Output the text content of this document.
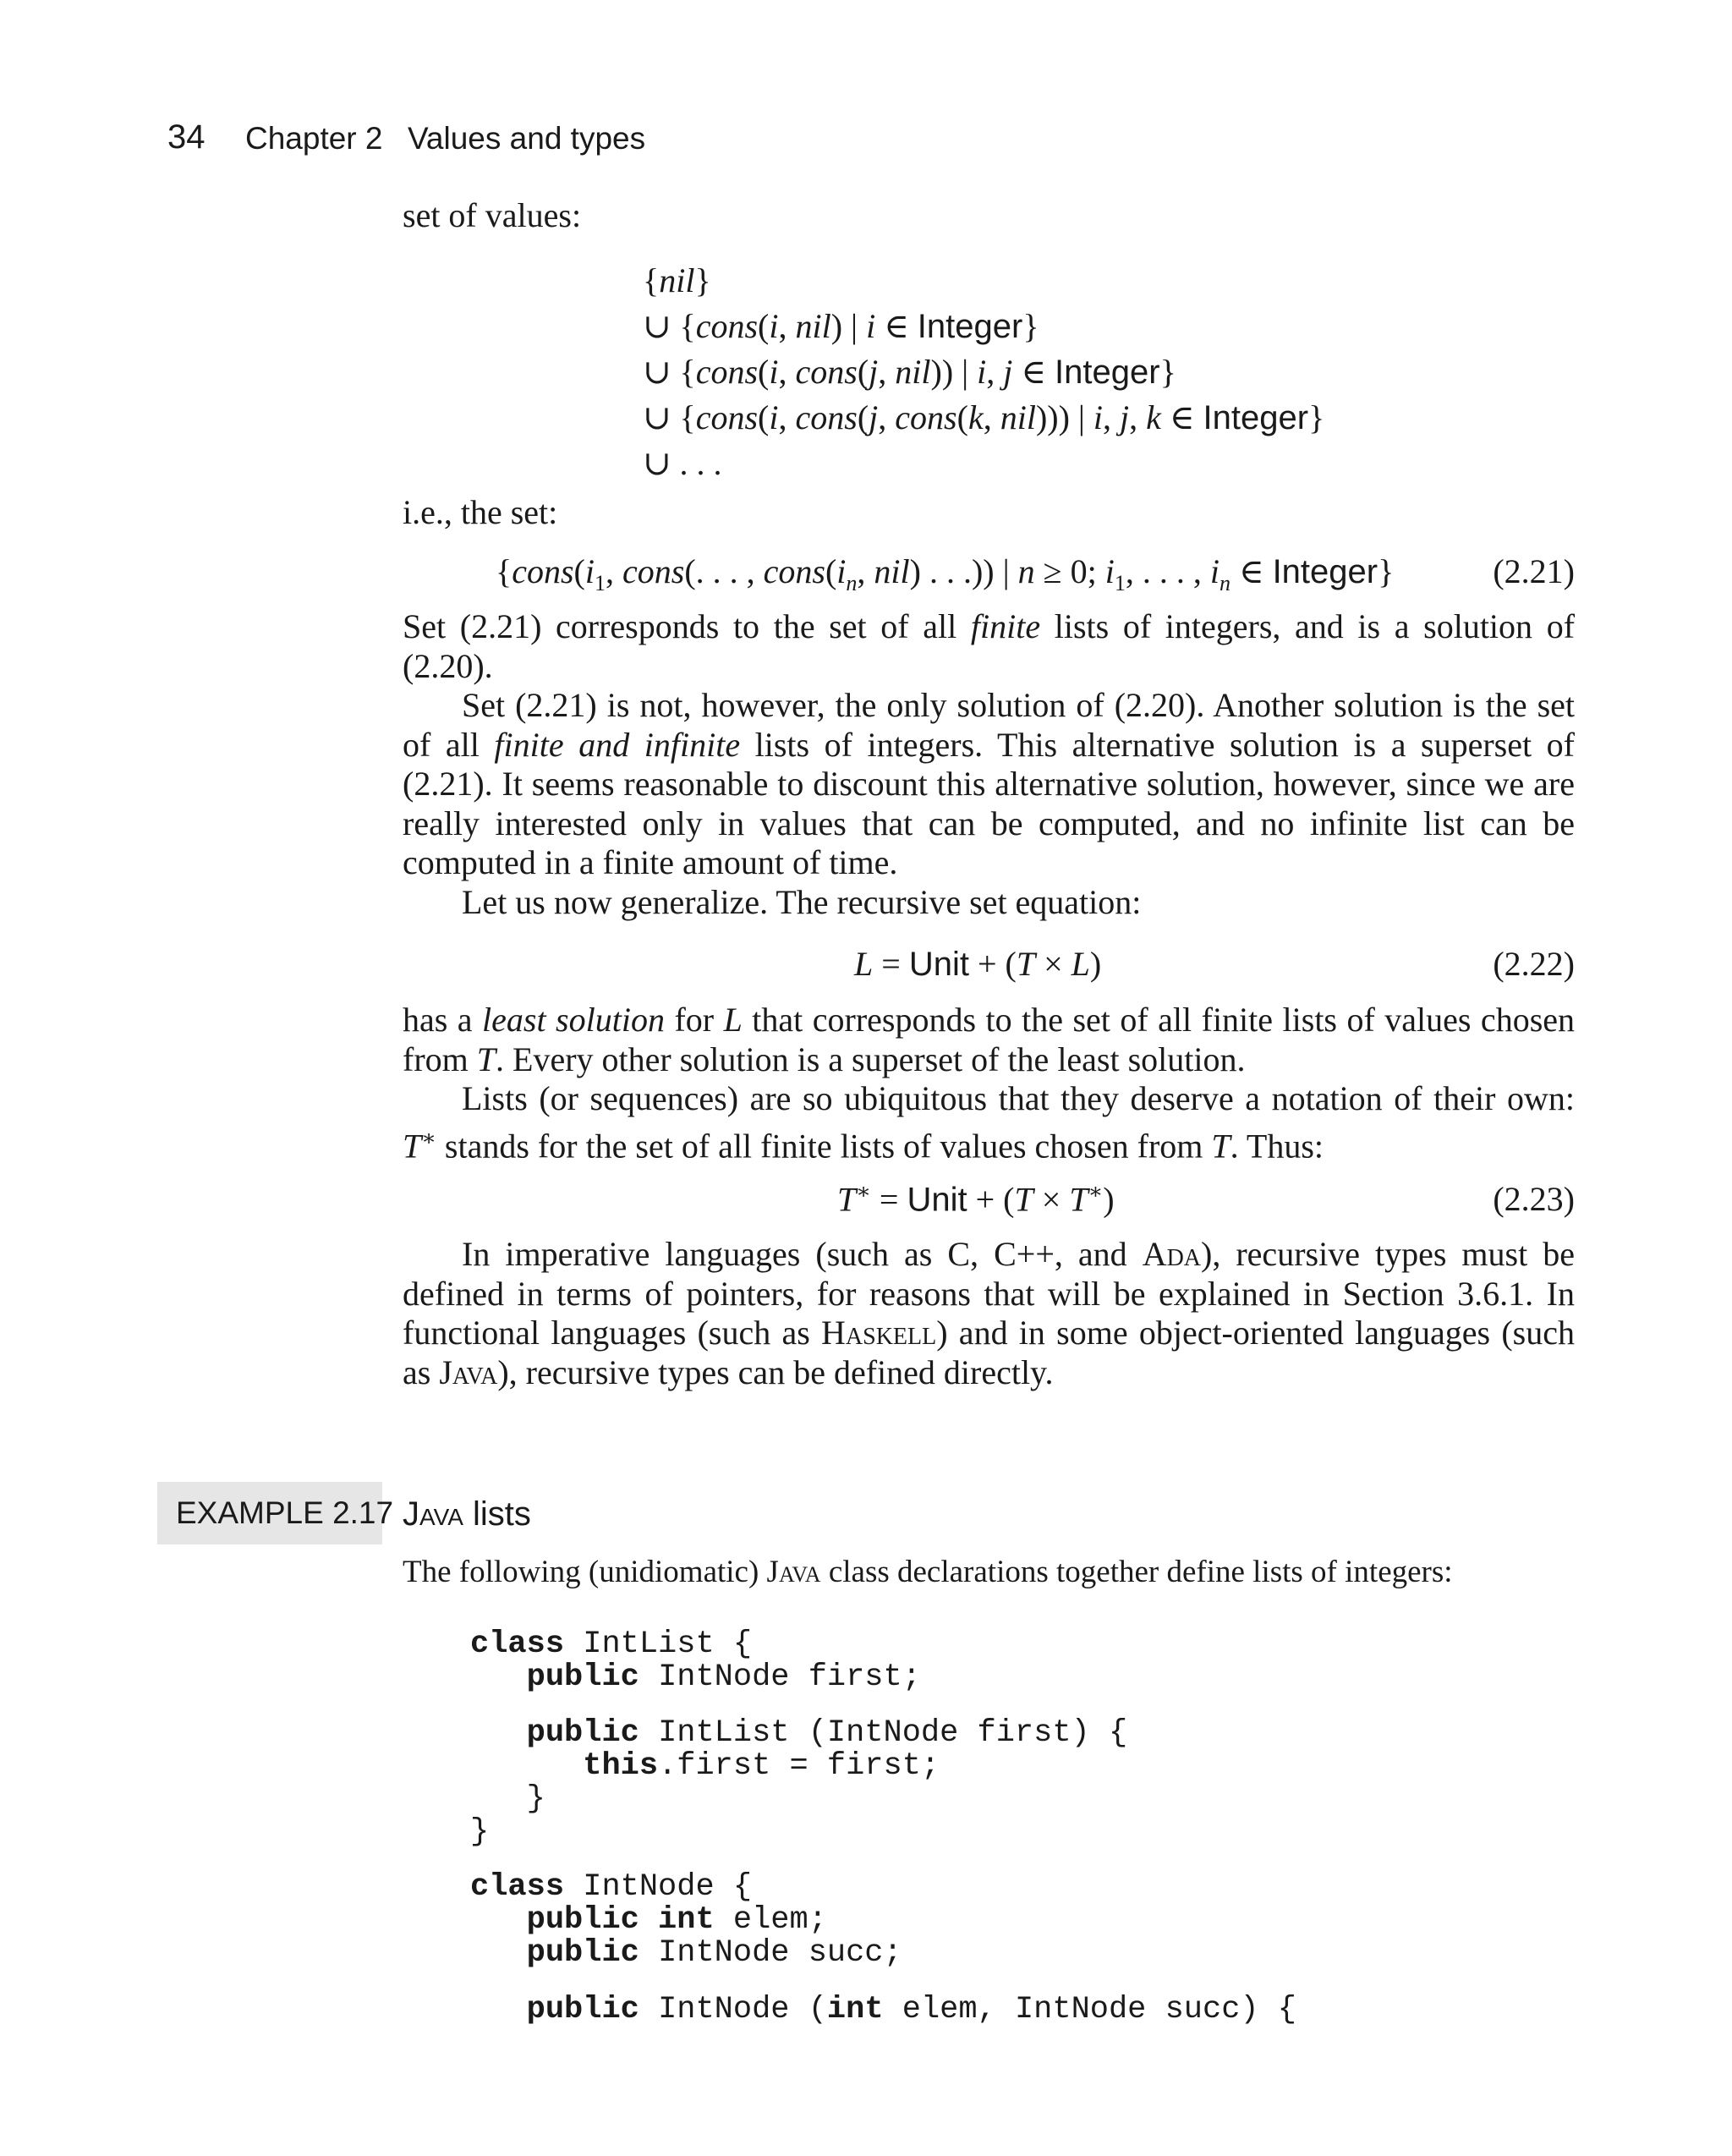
34 Chapter 2 Values and types
set of values:
{nil}
∪ {cons(i, nil) | i ∈ Integer}
∪ {cons(i, cons(j, nil)) | i, j ∈ Integer}
∪ {cons(i, cons(j, cons(k, nil))) | i, j, k ∈ Integer}
∪ . . .
i.e., the set:
{$cons(i_1$, cons(. . . , $cons(i_n$, nil) . . .)) | n ≥ 0; $i_1$, . . . , $i_n$ ∈ Integer}	(2.21)

Set (2.21) corresponds to the set of all finite lists of integers, and is a solution of (2.20).

Set (2.21) is not, however, the only solution of (2.20). Another solution is the set of all finite and infinite lists of integers. This alternative solution is a superset of (2.21). It seems reasonable to discount this alternative solution, however, since we are really interested only in values that can be computed, and no infinite list can be computed in a finite amount of time.

Let us now generalize. The recursive set equation:

L = Unit + (T × L)	(2.22)

has a least solution for L that corresponds to the set of all finite lists of values chosen from T. Every other solution is a superset of the least solution.

Lists (or sequences) are so ubiquitous that they deserve a notation of their own: T∗ stands for the set of all finite lists of values chosen from T. Thus:

T∗ = Unit + (T × T∗)	(2.23)

In imperative languages (such as C, C++, and Ada), recursive types must be defined in terms of pointers, for reasons that will be explained in Section 3.6.1. In functional languages (such as Haskell) and in some object-oriented languages (such as Java), recursive types can be defined directly.

EXAMPLE 2.17 Java lists
The following (unidiomatic) Java class declarations together define lists of integers:
class IntList {
public IntNode first;
public IntList (IntNode first) {
this.first = first;
}
}
class IntNode {
public int elem;
public IntNode succ;
public IntNode (int elem, IntNode succ) {
